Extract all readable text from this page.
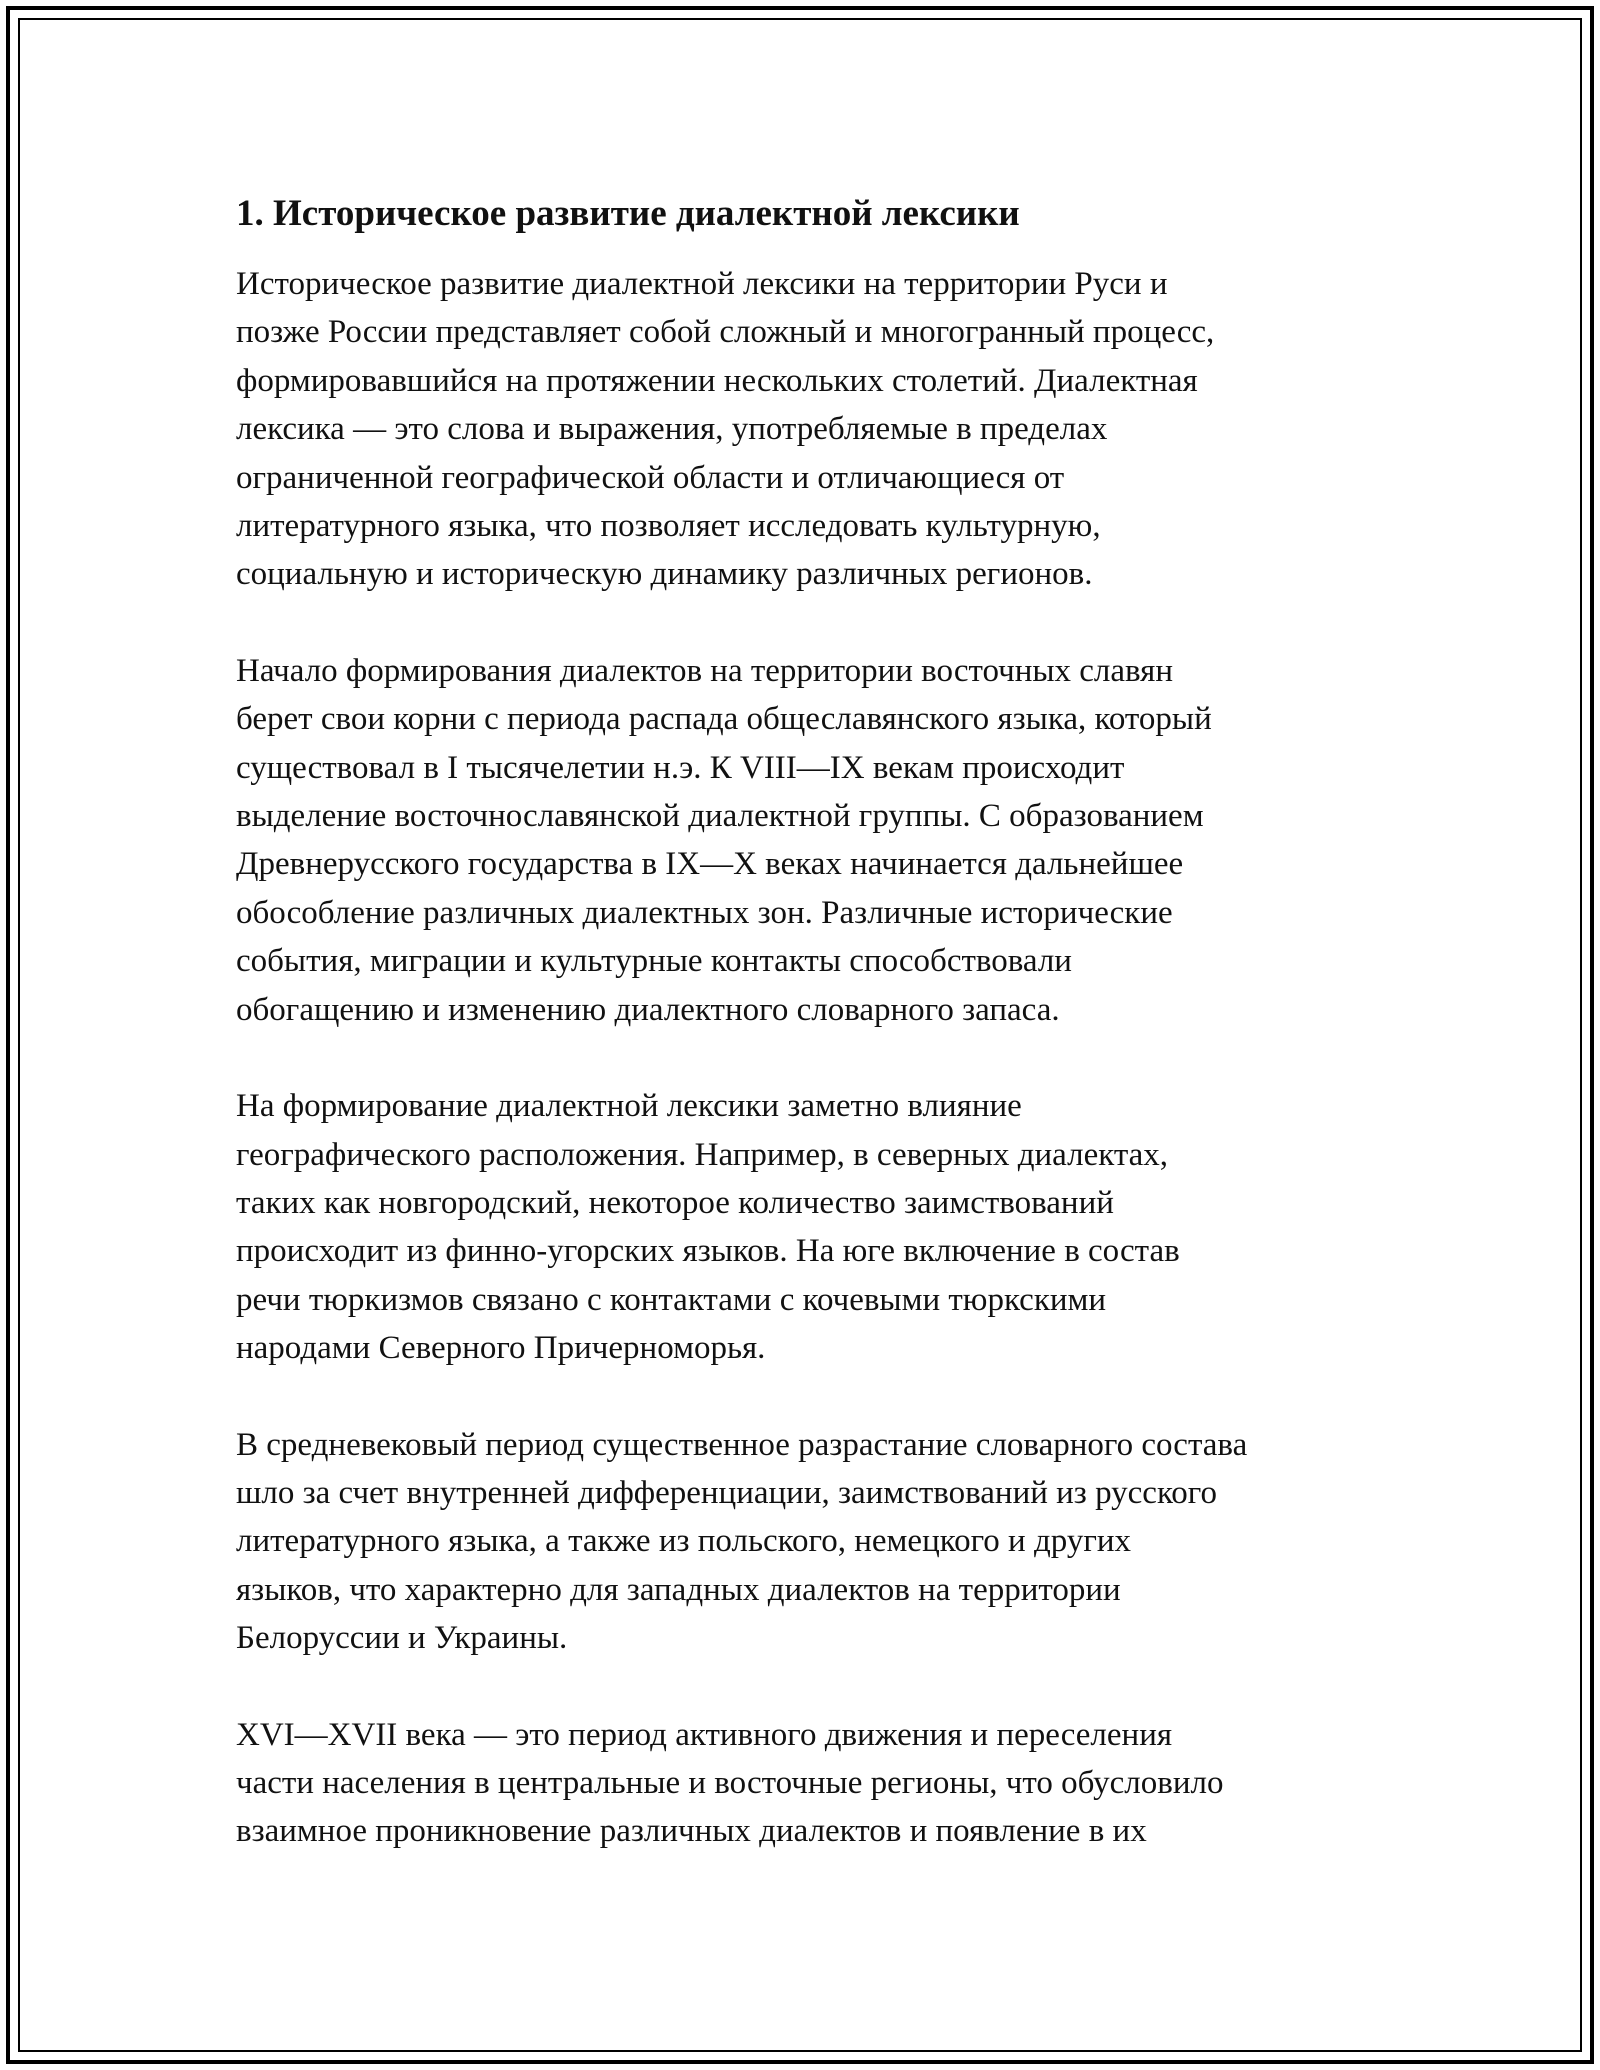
1. Историческое развитие диалектной лексики

Историческое развитие диалектной лексики на территории Руси и
позже России представляет собой сложный и многогранный процесс,
формировавшийся на протяжении нескольких столетий. Диалектная
лексика — это слова и выражения, употребляемые в пределах
ограниченной географической области и отличающиеся от
литературного языка, что позволяет исследовать культурную,
социальную и историческую динамику различных регионов.

Начало формирования диалектов на территории восточных славян
берет свои корни с периода распада общеславянского языка, который
существовал в I тысячелетии н.э. К VIII—IX векам происходит
выделение восточнославянской диалектной группы. С образованием
Древнерусского государства в IX—X веках начинается дальнейшее
обособление различных диалектных зон. Различные исторические
события, миграции и культурные контакты способствовали
обогащению и изменению диалектного словарного запаса.

На формирование диалектной лексики заметно влияние
географического расположения. Например, в северных диалектах,
таких как новгородский, некоторое количество заимствований
происходит из финно-угорских языков. На юге включение в состав
речи тюркизмов связано с контактами с кочевыми тюркскими
народами Северного Причерноморья.

В средневековый период существенное разрастание словарного состава
шло за счет внутренней дифференциации, заимствований из русского
литературного языка, а также из польского, немецкого и других
языков, что характерно для западных диалектов на территории
Белоруссии и Украины.

XVI—XVII века — это период активного движения и переселения
части населения в центральные и восточные регионы, что обусловило
взаимное проникновение различных диалектов и появление в их
